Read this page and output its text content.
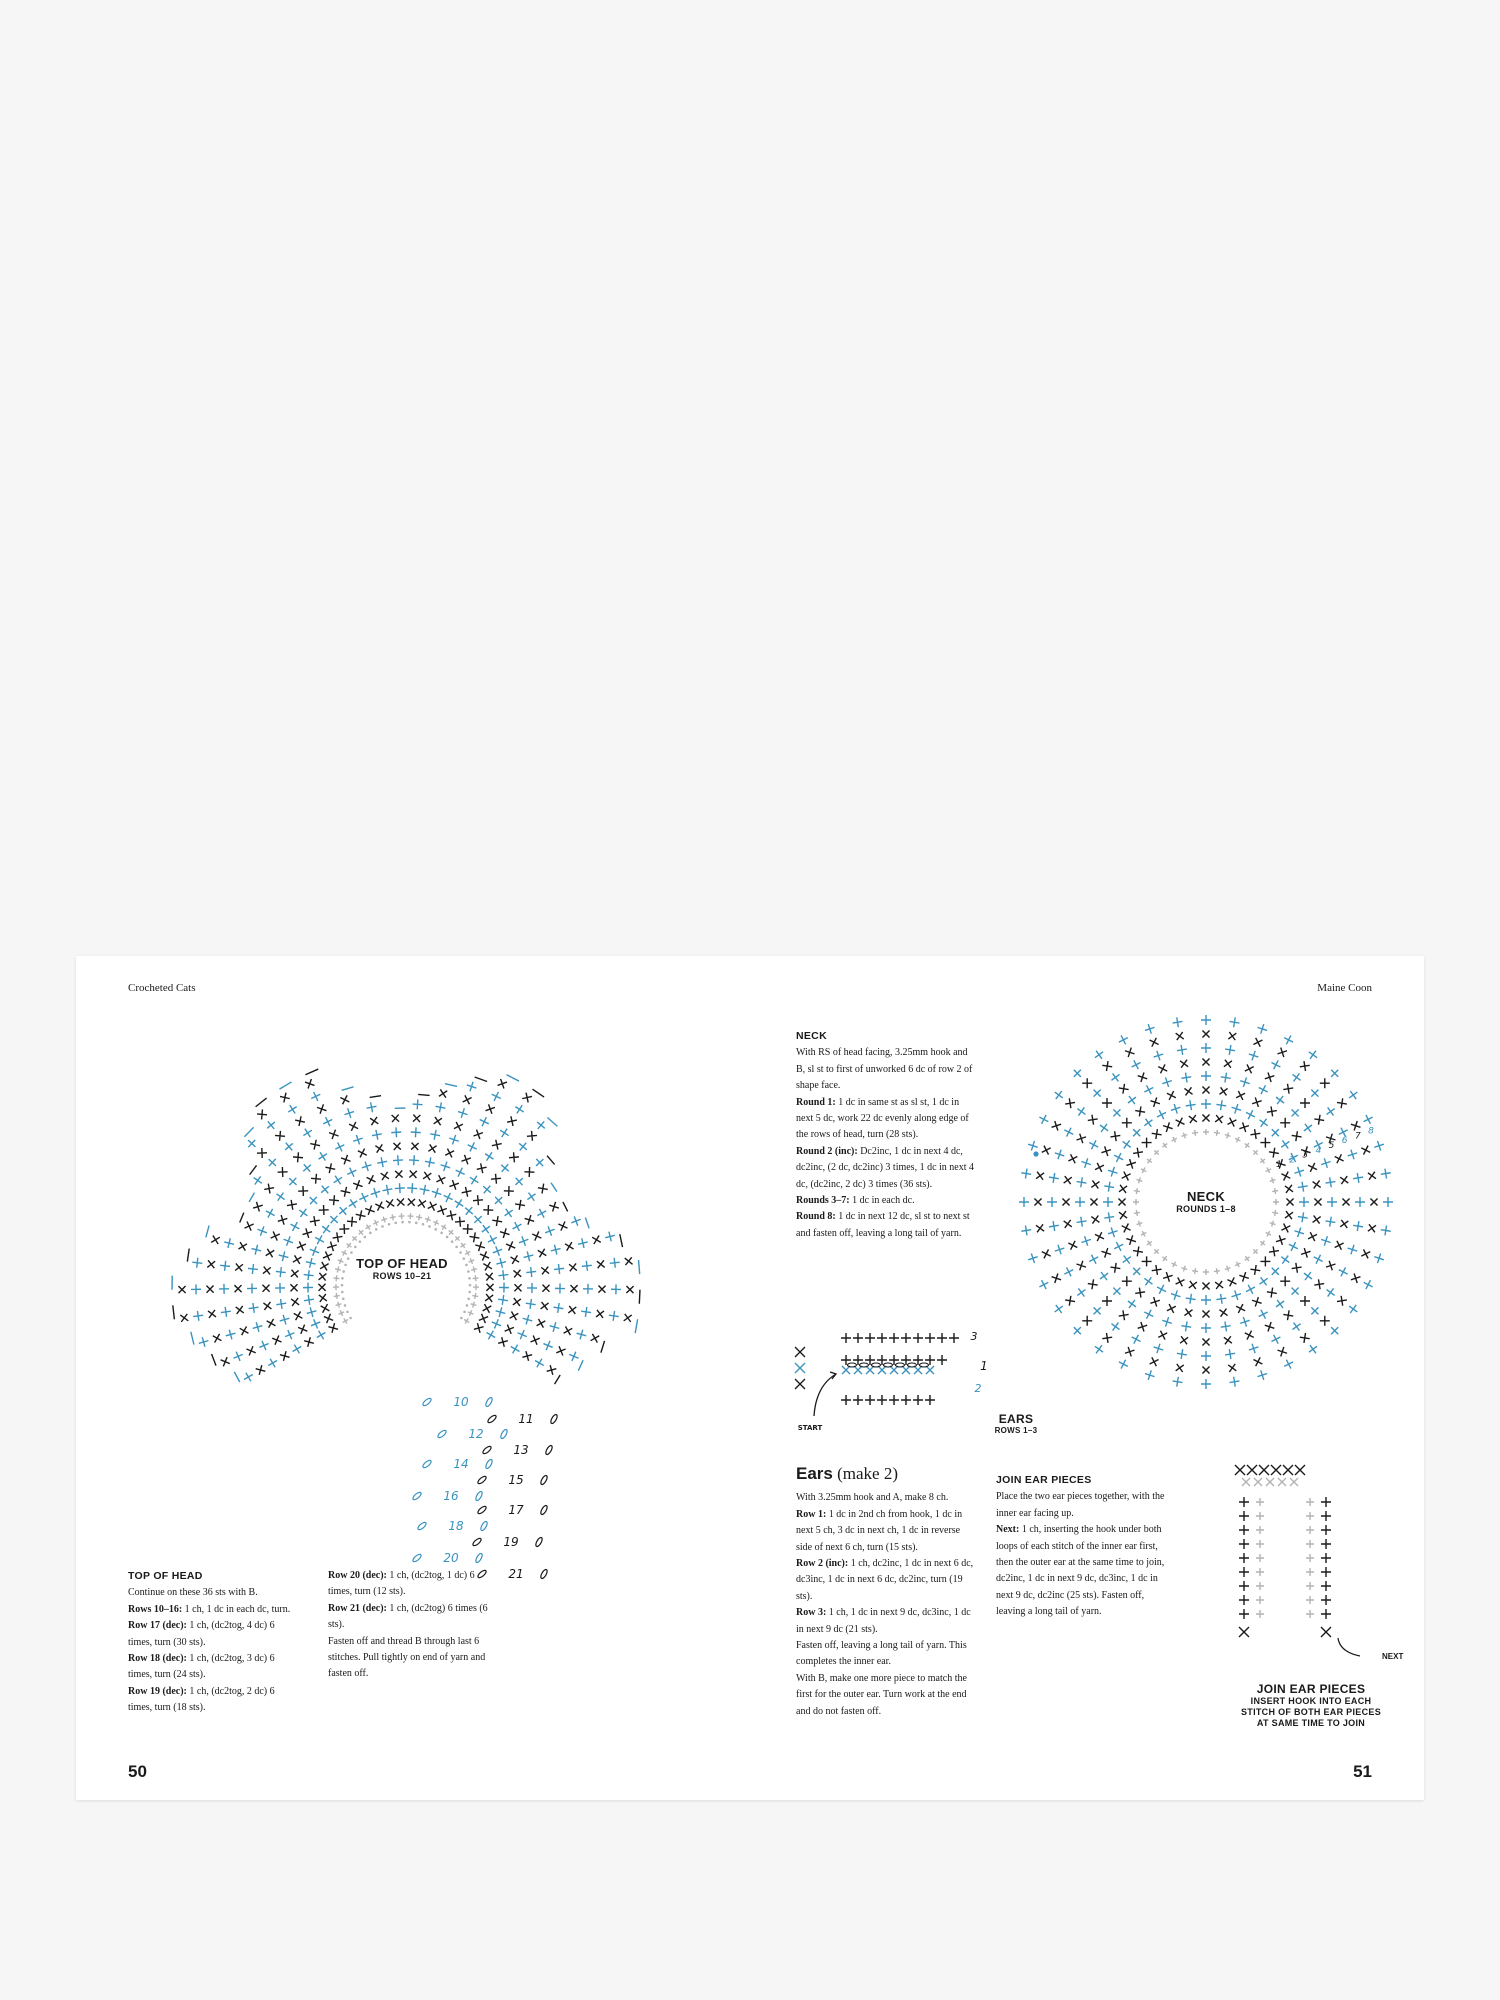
Crocheted Cats	Maine Coon
10
11
12
13
14
15
16
17
18
19
20
21
TOP OF HEAD
ROWS 10–21
1 2 3 4 5 6 7 8
NECK
ROUNDS 1–8
3
1
2
START
EARS
ROWS 1–3
JOIN EAR PIECES
INSERT HOOK INTO EACH
STITCH OF BOTH EAR PIECES
AT SAME TIME TO JOIN
TOP OF HEAD
Continue on these 36 sts with B.
Rows 10–16: 1 ch, 1 dc in each dc, turn.
Row 17 (dec): 1 ch, (dc2tog, 4 dc) 6 times, turn (30 sts).
Row 18 (dec): 1 ch, (dc2tog, 3 dc) 6 times, turn (24 sts).
Row 19 (dec): 1 ch, (dc2tog, 2 dc) 6 times, turn (18 sts).
Row 20 (dec): 1 ch, (dc2tog, 1 dc) 6 times, turn (12 sts).
Row 21 (dec): 1 ch, (dc2tog) 6 times (6 sts).
Fasten off and thread B through last 6 stitches. Pull tightly on end of yarn and fasten off.
NECK
With RS of head facing, 3.25mm hook and B, sl st to first of unworked 6 dc of row 2 of shape face.
Round 1: 1 dc in same st as sl st, 1 dc in next 5 dc, work 22 dc evenly along edge of the rows of head, turn (28 sts).
Round 2 (inc): Dc2inc, 1 dc in next 4 dc, dc2inc, (2 dc, dc2inc) 3 times, 1 dc in next 4 dc, (dc2inc, 2 dc) 3 times (36 sts).
Rounds 3–7: 1 dc in each dc.
Round 8: 1 dc in next 12 dc, sl st to next st and fasten off, leaving a long tail of yarn.
Ears (make 2)
With 3.25mm hook and A, make 8 ch.
Row 1: 1 dc in 2nd ch from hook, 1 dc in next 5 ch, 3 dc in next ch, 1 dc in reverse side of next 6 ch, turn (15 sts).
Row 2 (inc): 1 ch, dc2inc, 1 dc in next 6 dc, dc3inc, 1 dc in next 6 dc, dc2inc, turn (19 sts).
Row 3: 1 ch, 1 dc in next 9 dc, dc3inc, 1 dc in next 9 dc (21 sts).
Fasten off, leaving a long tail of yarn. This completes the inner ear.
With B, make one more piece to match the first for the outer ear. Turn work at the end and do not fasten off.
JOIN EAR PIECES
Place the two ear pieces together, with the inner ear facing up.
Next: 1 ch, inserting the hook under both loops of each stitch of the inner ear first, then the outer ear at the same time to join, dc2inc, 1 dc in next 9 dc, dc3inc, 1 dc in next 9 dc, dc2inc (25 sts). Fasten off, leaving a long tail of yarn.
50	51
NEXT
